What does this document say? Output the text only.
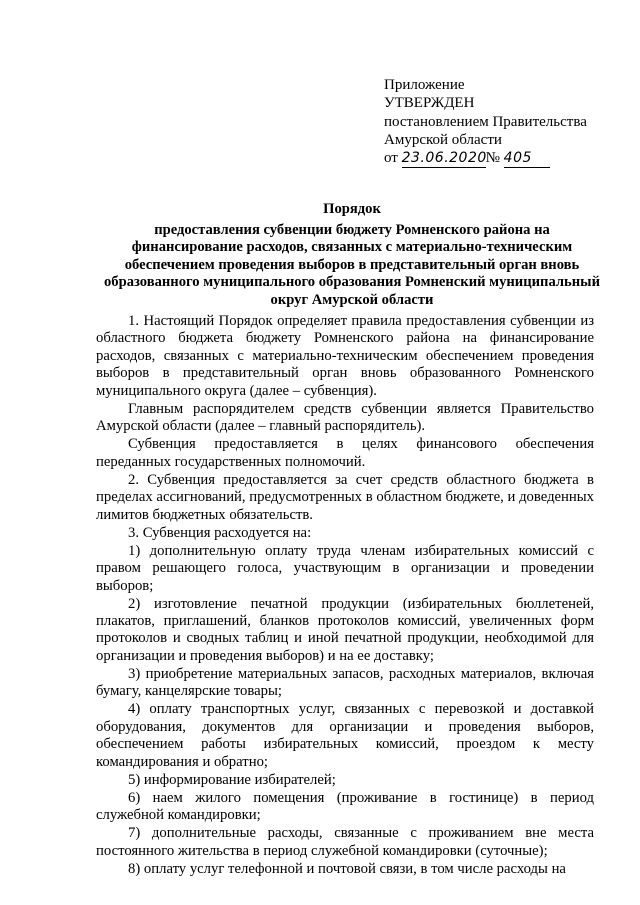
Приложение
УТВЕРЖДЕН
постановлением Правительства
Амурской области
от 23.06.2020№ 405
Порядок
предоставления субвенции бюджету Ромненского района на финансирование расходов, связанных с материально-техническим обеспечением проведения выборов в представительный орган вновь образованного муниципального образования Ромненский муниципальный округ Амурской области

1. Настоящий Порядок определяет правила предоставления субвенции из областного бюджета бюджету Ромненского района на финансирование расходов, связанных с материально-техническим обеспечением проведения выборов в представительный орган вновь образованного Ромненского муниципального округа (далее – субвенция).

Главным распорядителем средств субвенции является Правительство Амурской области (далее – главный распорядитель).

Субвенция предоставляется в целях финансового обеспечения переданных государственных полномочий.

2. Субвенция предоставляется за счет средств областного бюджета в пределах ассигнований, предусмотренных в областном бюджете, и доведенных лимитов бюджетных обязательств.

3. Субвенция расходуется на:

1) дополнительную оплату труда членам избирательных комиссий с правом решающего голоса, участвующим в организации и проведении выборов;

2) изготовление печатной продукции (избирательных бюллетеней, плакатов, приглашений, бланков протоколов комиссий, увеличенных форм протоколов и сводных таблиц и иной печатной продукции, необходимой для организации и проведения выборов) и на ее доставку;

3) приобретение материальных запасов, расходных материалов, включая бумагу, канцелярские товары;

4) оплату транспортных услуг, связанных с перевозкой и доставкой оборудования, документов для организации и проведения выборов, обеспечением работы избирательных комиссий, проездом к месту командирования и обратно;

5) информирование избирателей;

6) наем жилого помещения (проживание в гостинице) в период служебной командировки;

7) дополнительные расходы, связанные с проживанием вне места постоянного жительства в период служебной командировки (суточные);

8) оплату услуг телефонной и почтовой связи, в том числе расходы на
